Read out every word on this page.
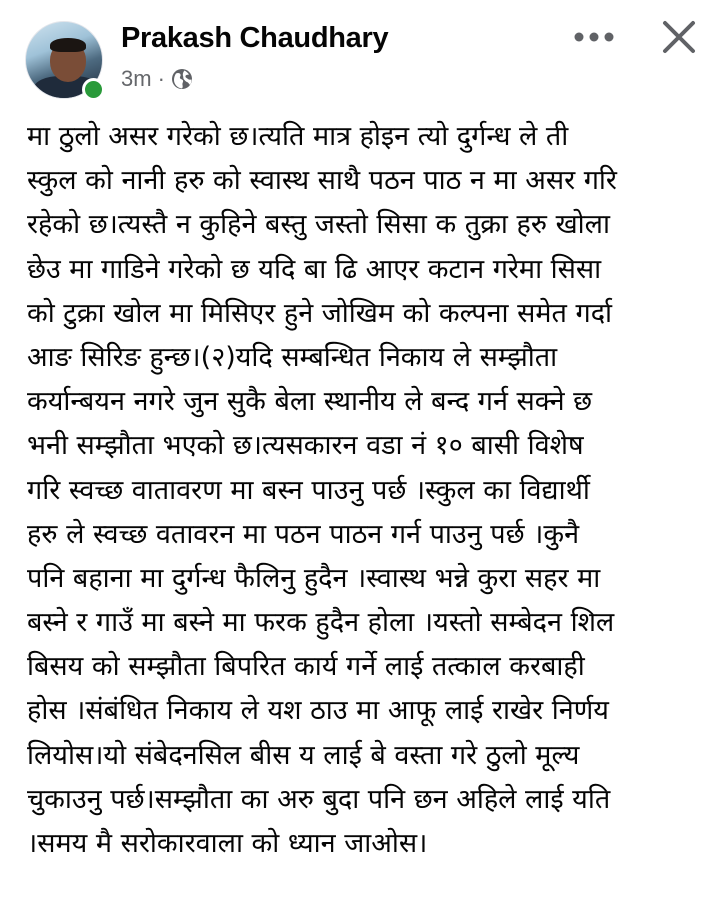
Prakash Chaudhary
3m ·
मा ठुलो असर गरेको छ।त्यति मात्र होइन त्यो दुर्गन्ध ले ती
स्कुल को नानी हरु को स्वास्थ साथै पठन पाठ न मा असर गरि
रहेको छ।त्यस्तै न कुहिने बस्तु जस्तो सिसा क तुक्रा हरु खोला
छेउ मा गाडिने गरेको छ यदि बा ढि आएर कटान गरेमा सिसा
को टुक्रा खोल मा मिसिएर हुने जोखिम को कल्पना समेत गर्दा
आङ सिरिङ हुन्छ।(२)यदि सम्बन्धित निकाय ले सम्झौता
कर्यान्बयन नगरे जुन सुकै बेला स्थानीय ले बन्द गर्न सक्ने छ
भनी सम्झौता भएको छ।त्यसकारन वडा नं १० बासी विशेष
गरि स्वच्छ वातावरण मा बस्न पाउनु पर्छ ।स्कुल का विद्यार्थी
हरु ले स्वच्छ वतावरन मा पठन पाठन गर्न पाउनु पर्छ ।कुनै
पनि बहाना मा दुर्गन्ध फैलिनु हुदैन ।स्वास्थ भन्ने कुरा सहर मा
बस्ने र गाउँ मा बस्ने मा फरक हुदैन होला ।यस्तो सम्बेदन शिल
बिसय को सम्झौता बिपरित कार्य गर्ने लाई तत्काल करबाही
होस ।संबंधित निकाय ले यश ठाउ मा आफू लाई राखेर निर्णय
लियोस।यो संबेदनसिल बीस य लाई बे वस्ता गरे ठुलो मूल्य
चुकाउनु पर्छ।सम्झौता का अरु बुदा पनि छन अहिले लाई यति
।समय मै सरोकारवाला को ध्यान जाओस।
